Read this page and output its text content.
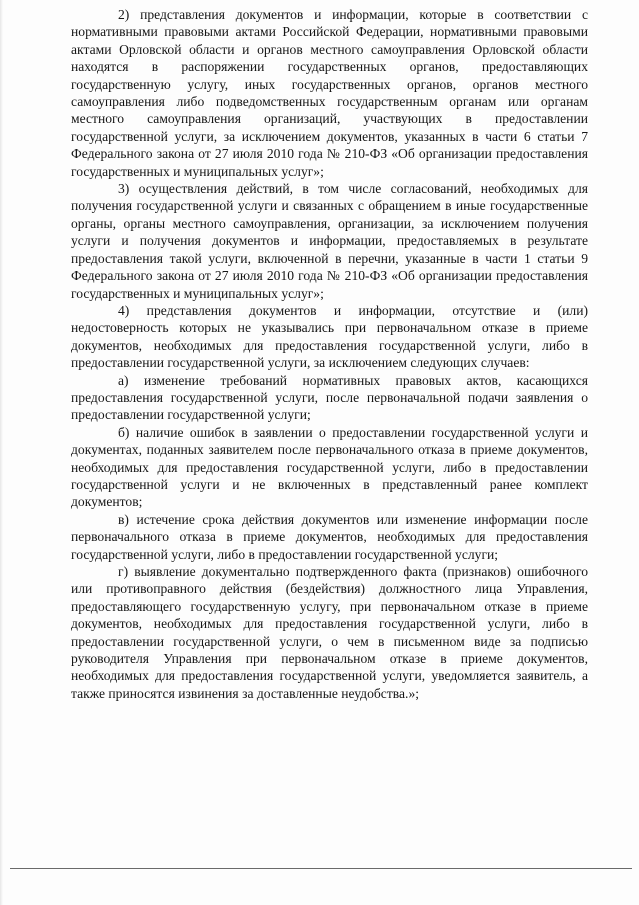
2) представления документов и информации, которые в соответствии с нормативными правовыми актами Российской Федерации, нормативными правовыми актами Орловской области и органов местного самоуправления Орловской области находятся в распоряжении государственных органов, предоставляющих государственную услугу, иных государственных органов, органов местного самоуправления либо подведомственных государственным органам или органам местного самоуправления организаций, участвующих в предоставлении государственной услуги, за исключением документов, указанных в части 6 статьи 7 Федерального закона от 27 июля 2010 года № 210-ФЗ «Об организации предоставления государственных и муниципальных услуг»;

3) осуществления действий, в том числе согласований, необходимых для получения государственной услуги и связанных с обращением в иные государственные органы, органы местного самоуправления, организации, за исключением получения услуги и получения документов и информации, предоставляемых в результате предоставления такой услуги, включенной в перечни, указанные в части 1 статьи 9 Федерального закона от 27 июля 2010 года № 210-ФЗ «Об организации предоставления государственных и муниципальных услуг»;

4) представления документов и информации, отсутствие и (или) недостоверность которых не указывались при первоначальном отказе в приеме документов, необходимых для предоставления государственной услуги, либо в предоставлении государственной услуги, за исключением следующих случаев:

а) изменение требований нормативных правовых актов, касающихся предоставления государственной услуги, после первоначальной подачи заявления о предоставлении государственной услуги;

б) наличие ошибок в заявлении о предоставлении государственной услуги и документах, поданных заявителем после первоначального отказа в приеме документов, необходимых для предоставления государственной услуги, либо в предоставлении государственной услуги и не включенных в представленный ранее комплект документов;

в) истечение срока действия документов или изменение информации после первоначального отказа в приеме документов, необходимых для предоставления государственной услуги, либо в предоставлении государственной услуги;

г) выявление документально подтвержденного факта (признаков) ошибочного или противоправного действия (бездействия) должностного лица Управления, предоставляющего государственную услугу, при первоначальном отказе в приеме документов, необходимых для предоставления государственной услуги, либо в предоставлении государственной услуги, о чем в письменном виде за подписью руководителя Управления при первоначальном отказе в приеме документов, необходимых для предоставления государственной услуги, уведомляется заявитель, а также приносятся извинения за доставленные неудобства.»;
